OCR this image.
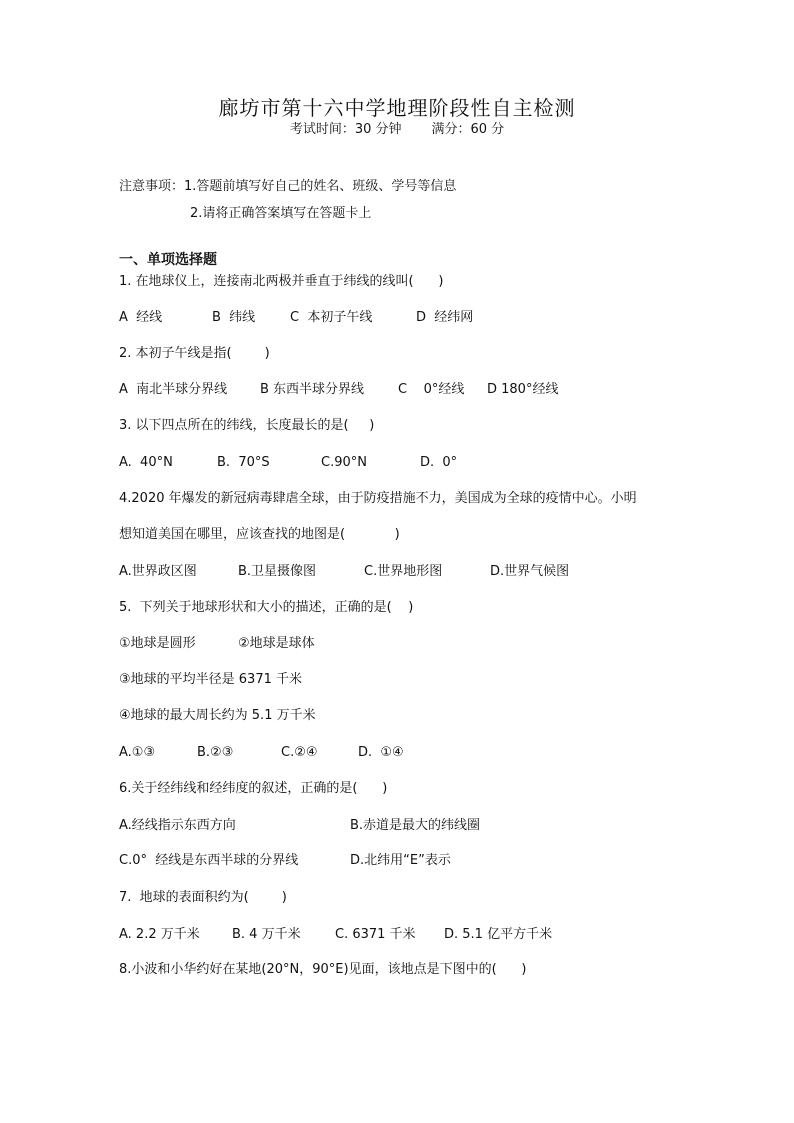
廊坊市第十六中学地理阶段性自主检测
考试时间：30 分钟 满分：60 分
注意事项：1.答题前填写好自己的姓名、班级、学号等信息
2.请将正确答案填写在答题卡上
一、单项选择题
1. 在地球仪上，连接南北两极并垂直于纬线的线叫(      )
A  经线	B  纬线	C  本初子午线	D  经纬网
2. 本初子午线是指(        )
A  南北半球分界线	B 东西半球分界线	C    0°经线 D 180°经线
3. 以下四点所在的纬线，长度最长的是(     )
A.  40°N	B.  70°S	C.90°N	D.  0°
4.2020 年爆发的新冠病毒肆虐全球，由于防疫措施不力，美国成为全球的疫情中心。小明
想知道美国在哪里，应该查找的地图是(            )
A.世界政区图	B.卫星摄像图	C.世界地形图	D.世界气候图
5.  下列关于地球形状和大小的描述，正确的是(    )
①地球是圆形	②地球是球体
③地球的平均半径是 6371 千米
④地球的最大周长约为 5.1 万千米
A.①③	B.②③	C.②④	D.  ①④
6.关于经纬线和经纬度的叙述，正确的是(      )
A.经线指示东西方向	B.赤道是最大的纬线圈
C.0°  经线是东西半球的分界线	D.北纬用“E”表示
7.  地球的表面积约为(        )
A. 2.2 万千米 B. 4 万千米	C. 6371 千米 D. 5.1 亿平方千米
8.小波和小华约好在某地(20°N，90°E)见面，该地点是下图中的(      )
